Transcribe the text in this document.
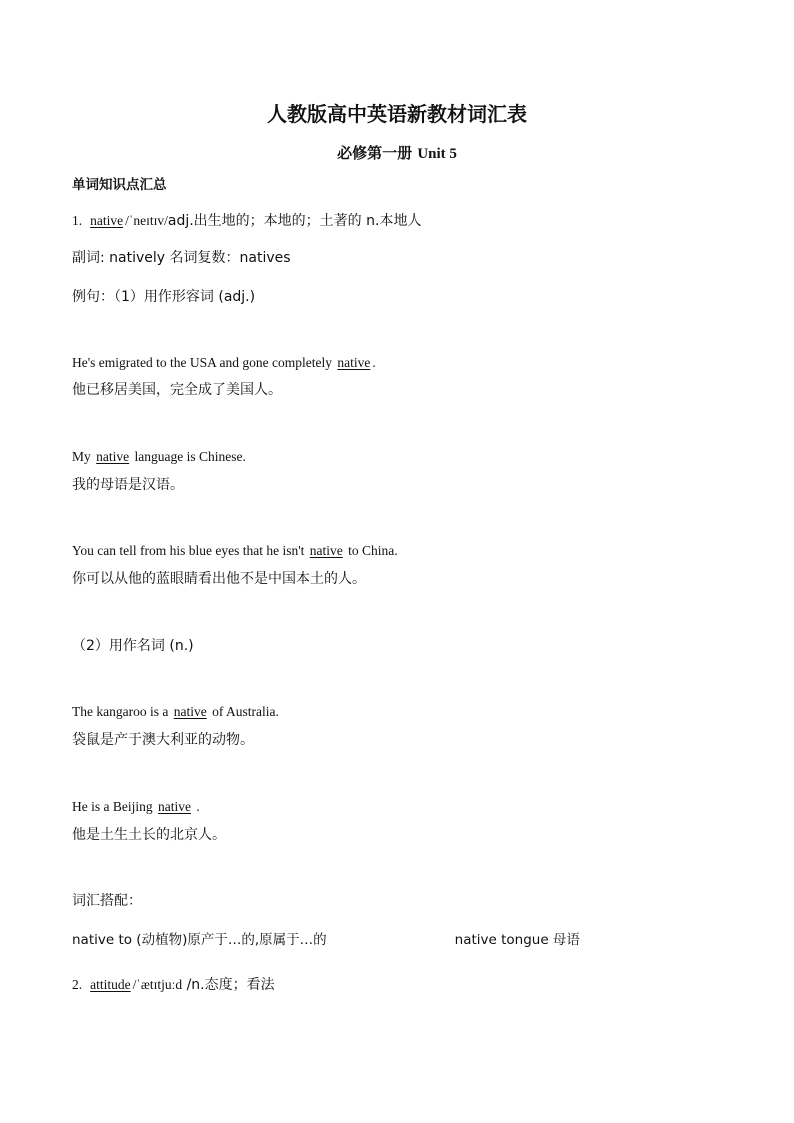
人教版高中英语新教材词汇表
必修第一册 Unit 5
单词知识点汇总
1. native /ˈneɪtɪv/adj.出生地的；本地的；土著的 n.本地人
副词: natively 名词复数：natives
例句：（1）用作形容词 (adj.)
He's emigrated to the USA and gone completely native .
他已移居美国，完全成了美国人。
My native language is Chinese.
我的母语是汉语。
You can tell from his blue eyes that he isn't native to China.
你可以从他的蓝眼睛看出他不是中国本土的人。
（2）用作名词 (n.)
The kangaroo is a native of Australia.
袋鼠是产于澳大利亚的动物。
He is a Beijing native .
他是土生土长的北京人。
词汇搭配：
native to (动植物)原产于…的,原属于…的	native tongue 母语
2. attitude /ˈætɪtjuːd /n.态度；看法
